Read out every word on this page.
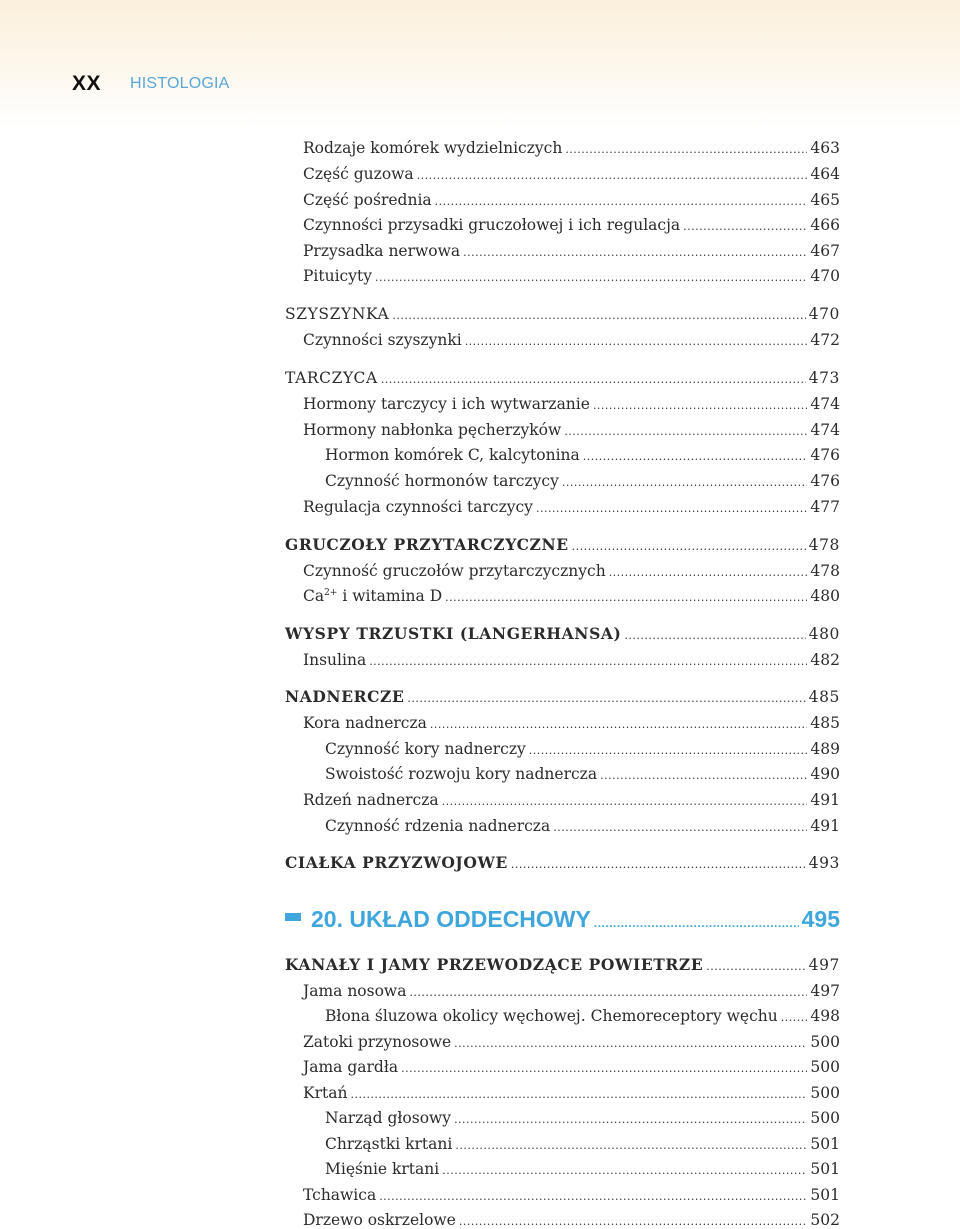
XX HISTOLOGIA
Rodzaje komórek wydzielniczych .....	463
Część guzowa .....	464
Część pośrednia .....	465
Czynności przysadki gruczołowej i ich regulacja .....	466
Przysadka nerwowa .....	467
Pituicyty .....	470
SZYSZYNKA .....	470
Czynności szyszynki .....	472
TARCZYCA .....	473
Hormony tarczycy i ich wytwarzanie .....	474
Hormony nabłonka pęcherzyków .....	474
Hormon komórek C, kalcytonina .....	476
Czynność hormonów tarczycy .....	476
Regulacja czynności tarczycy .....	477
GRUCZOŁY PRZYTARCZYCZNE .....	478
Czynność gruczołów przytarczycznych .....	478
$Ca^{2+}$ i witamina D .....	480
WYSPY TRZUSTKI (LANGERHANSA) .....	480
Insulina .....	482
NADNERCZE .....	485
Kora nadnercza .....	485
Czynność kory nadnerczy .....	489
Swoistość rozwoju kory nadnercza .....	490
Rdzeń nadnercza .....	491
Czynność rdzenia nadnercza .....	491
CIAŁKA PRZYZWOJOWE .....	493
20. UKŁAD ODDECHOWY .....	495
KANAŁY I JAMY PRZEWODZĄCE POWIETRZE .....	497
Jama nosowa .....	497
Błona śluzowa okolicy węchowej. Chemoreceptory węchu ..... 498
Zatoki przynosowe .....	500
Jama gardła .....	500
Krtań .....	500
Narząd głosowy .....	500
Chrząstki krtani .....	501
Mięśnie krtani .....	501
Tchawica .....	501
Drzewo oskrzelowe .....	502
